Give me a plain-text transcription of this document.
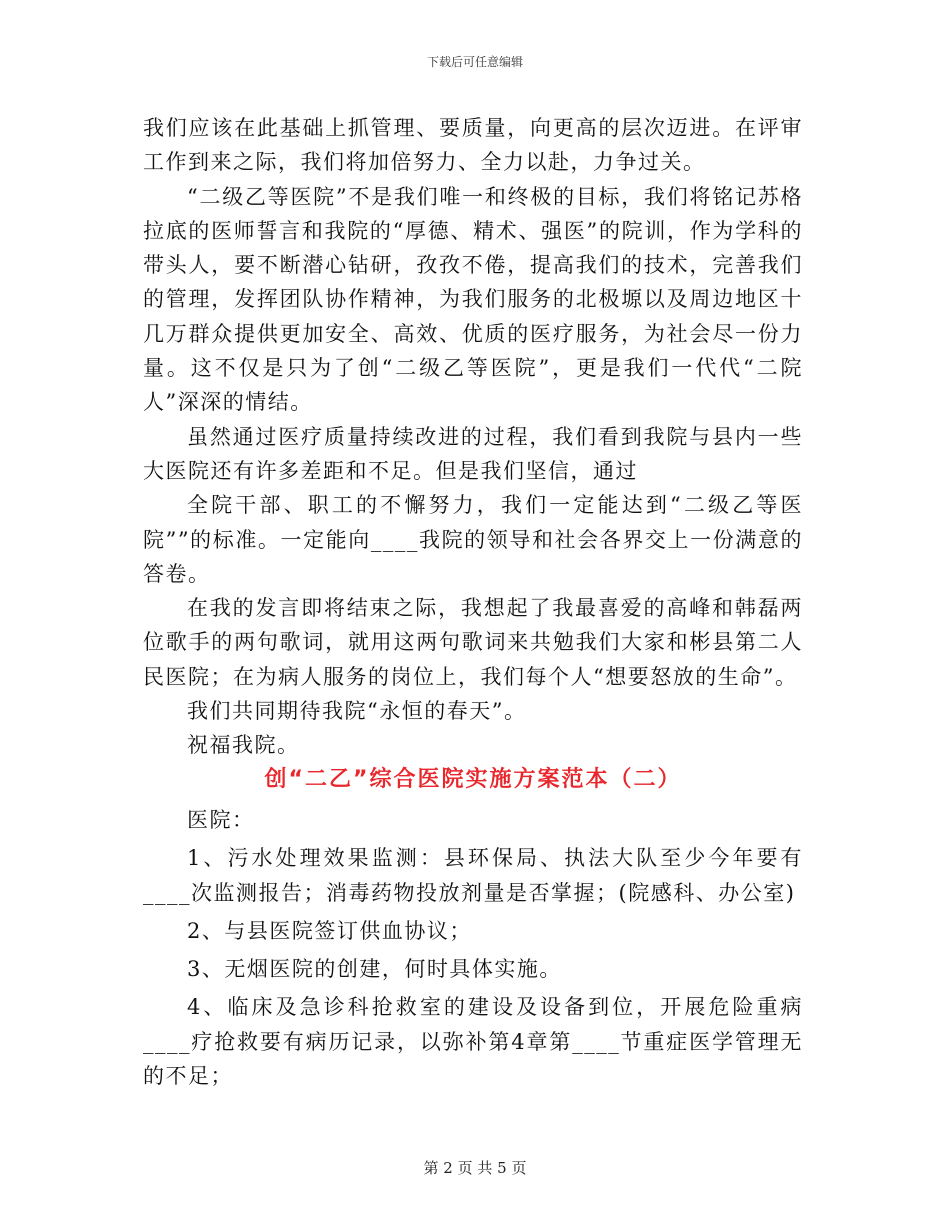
下载后可任意编辑

我们应该在此基础上抓管理、要质量，向更高的层次迈进。在评审工作到来之际，我们将加倍努力、全力以赴，力争过关。

“二级乙等医院”不是我们唯一和终极的目标，我们将铭记苏格拉底的医师誓言和我院的“厚德、精术、强医”的院训，作为学科的带头人，要不断潜心钻研，孜孜不倦，提高我们的技术，完善我们的管理，发挥团队协作精神，为我们服务的北极塬以及周边地区十几万群众提供更加安全、高效、优质的医疗服务，为社会尽一份力量。这不仅是只为了创“二级乙等医院”，更是我们一代代“二院人”深深的情结。

虽然通过医疗质量持续改进的过程，我们看到我院与县内一些大医院还有许多差距和不足。但是我们坚信，通过

全院干部、职工的不懈努力，我们一定能达到“二级乙等医院””的标准。一定能向____我院的领导和社会各界交上一份满意的答卷。

在我的发言即将结束之际，我想起了我最喜爱的高峰和韩磊两位歌手的两句歌词，就用这两句歌词来共勉我们大家和彬县第二人民医院；在为病人服务的岗位上，我们每个人“想要怒放的生命”。

我们共同期待我院“永恒的春天”。

祝福我院。

创“二乙”综合医院实施方案范本（二）

医院：

1、污水处理效果监测：县环保局、执法大队至少今年要有____次监测报告；消毒药物投放剂量是否掌握；(院感科、办公室)

2、与县医院签订供血协议；

3、无烟医院的创建，何时具体实施。

4、临床及急诊科抢救室的建设及设备到位，开展危险重病____疗抢救要有病历记录，以弥补第4章第____节重症医学管理无的不足；

第 2 页 共 5 页
